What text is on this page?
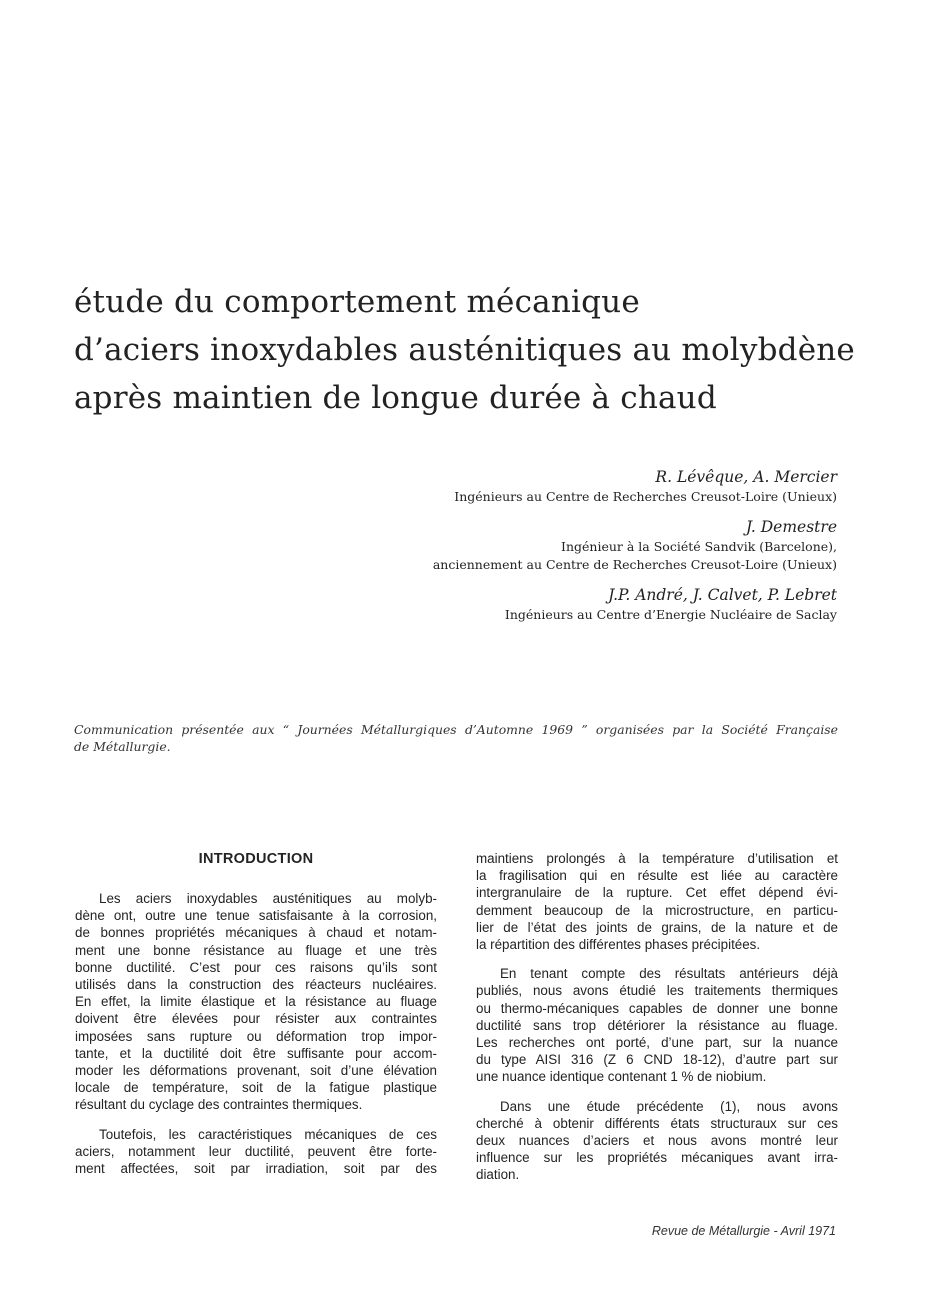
étude du comportement mécanique
d’aciers inoxydables austénitiques au molybdène
après maintien de longue durée à chaud
R. Lévêque, A. Mercier
Ingénieurs au Centre de Recherches Creusot-Loire (Unieux)
J. Demestre
Ingénieur à la Société Sandvik (Barcelone),
anciennement au Centre de Recherches Creusot-Loire (Unieux)
J.P. André, J. Calvet, P. Lebret
Ingénieurs au Centre d’Energie Nucléaire de Saclay
Communication présentée aux “ Journées Métallurgiques d’Automne 1969 ” organisées par la Société Française
de Métallurgie.
INTRODUCTION
Les aciers inoxydables austénitiques au molyb-
dène ont, outre une tenue satisfaisante à la corrosion,
de bonnes propriétés mécaniques à chaud et notam-
ment une bonne résistance au fluage et une très
bonne ductilité. C’est pour ces raisons qu’ils sont
utilisés dans la construction des réacteurs nucléaires.
En effet, la limite élastique et la résistance au fluage
doivent être élevées pour résister aux contraintes
imposées sans rupture ou déformation trop impor-
tante, et la ductilité doit être suffisante pour accom-
moder les déformations provenant, soit d’une élévation
locale de température, soit de la fatigue plastique
résultant du cyclage des contraintes thermiques.
Toutefois, les caractéristiques mécaniques de ces
aciers, notamment leur ductilité, peuvent être forte-
ment affectées, soit par irradiation, soit par des
maintiens prolongés à la température d’utilisation et
la fragilisation qui en résulte est liée au caractère
intergranulaire de la rupture. Cet effet dépend évi-
demment beaucoup de la microstructure, en particu-
lier de l’état des joints de grains, de la nature et de
la répartition des différentes phases précipitées.
En tenant compte des résultats antérieurs déjà
publiés, nous avons étudié les traitements thermiques
ou thermo-mécaniques capables de donner une bonne
ductilité sans trop détériorer la résistance au fluage.
Les recherches ont porté, d’une part, sur la nuance
du type AISI 316 (Z 6 CND 18-12), d’autre part sur
une nuance identique contenant 1 % de niobium.
Dans une étude précédente (1), nous avons
cherché à obtenir différents états structuraux sur ces
deux nuances d’aciers et nous avons montré leur
influence sur les propriétés mécaniques avant irra-
diation.
Revue de Métallurgie - Avril 1971
